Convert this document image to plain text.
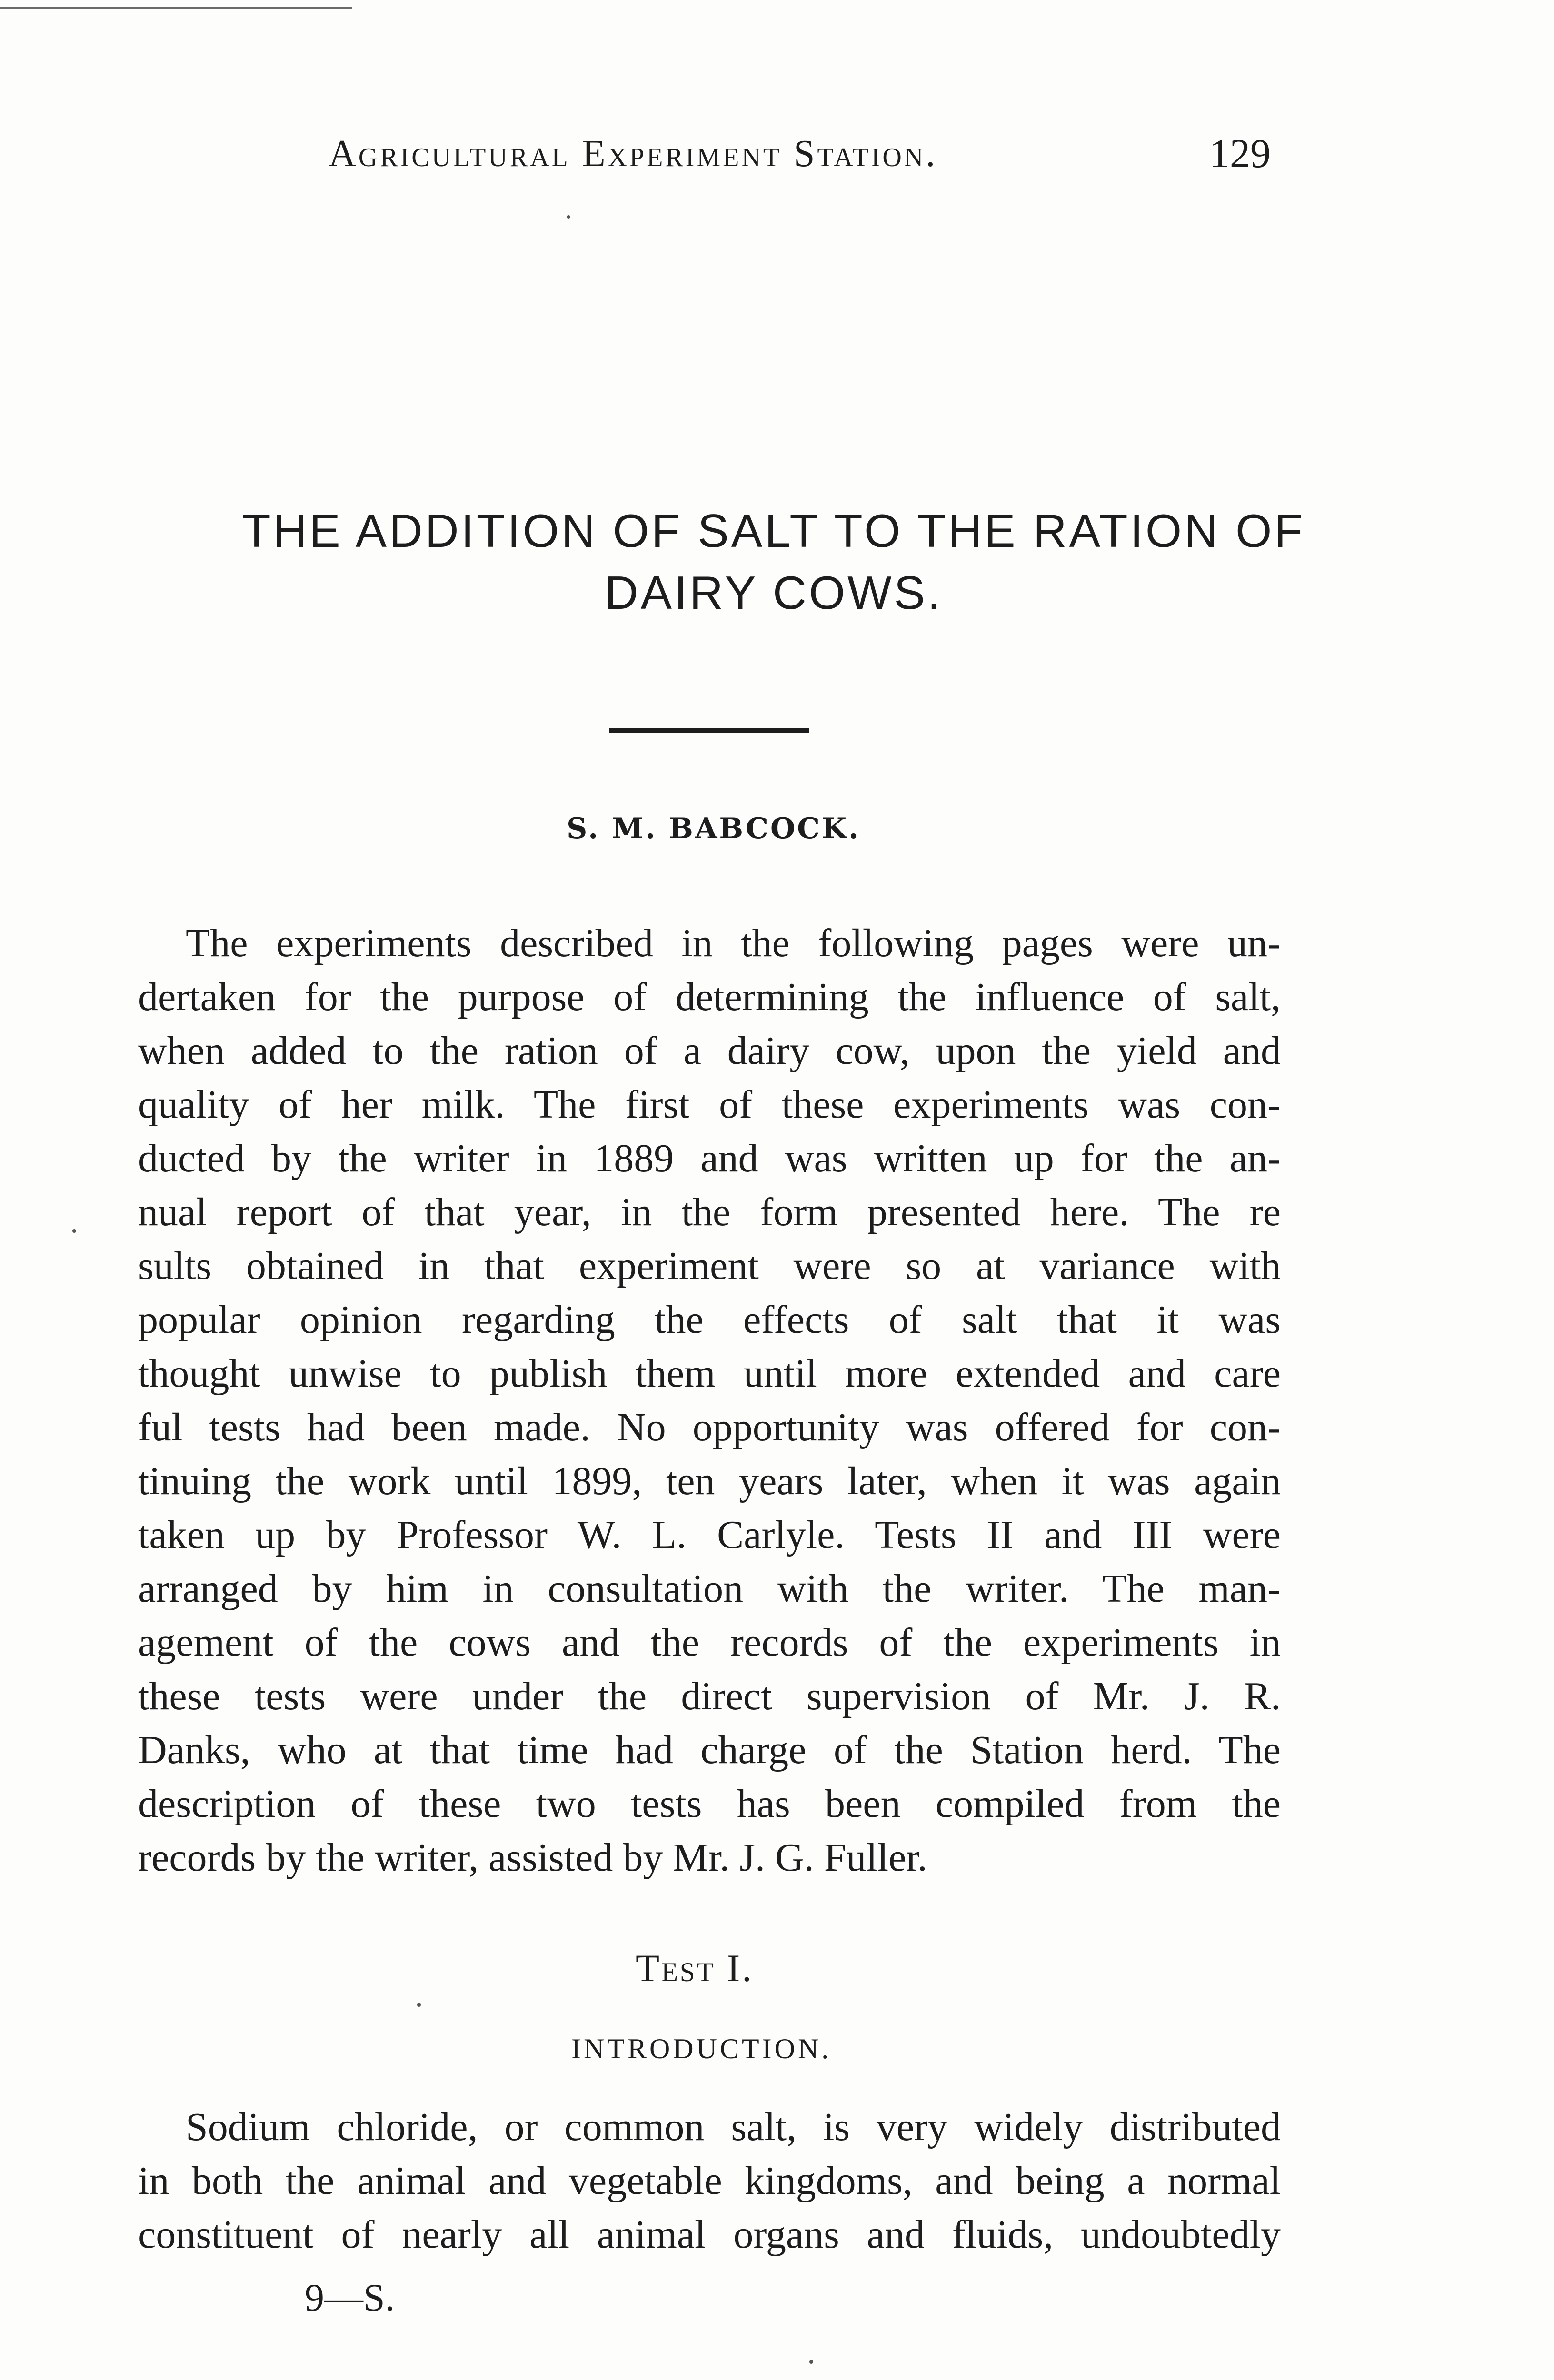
Agricultural Experiment Station.	129
THE ADDITION OF SALT TO THE RATION OF
DAIRY COWS.
S. M. BABCOCK.
The experiments described in the following pages were un-
dertaken for the purpose of determining the influence of salt,
when added to the ration of a dairy cow, upon the yield and
quality of her milk. The first of these experiments was con-
ducted by the writer in 1889 and was written up for the an-
nual report of that year, in the form presented here. The re
sults obtained in that experiment were so at variance with
popular opinion regarding the effects of salt that it was
thought unwise to publish them until more extended and care
ful tests had been made. No opportunity was offered for con-
tinuing the work until 1899, ten years later, when it was again
taken up by Professor W. L. Carlyle. Tests II and III were
arranged by him in consultation with the writer. The man-
agement of the cows and the records of the experiments in
these tests were under the direct supervision of Mr. J. R.
Danks, who at that time had charge of the Station herd. The
description of these two tests has been compiled from the
records by the writer, assisted by Mr. J. G. Fuller.
Test I.
INTRODUCTION.
Sodium chloride, or common salt, is very widely distributed
in both the animal and vegetable kingdoms, and being a normal
constituent of nearly all animal organs and fluids, undoubtedly
9—S.
